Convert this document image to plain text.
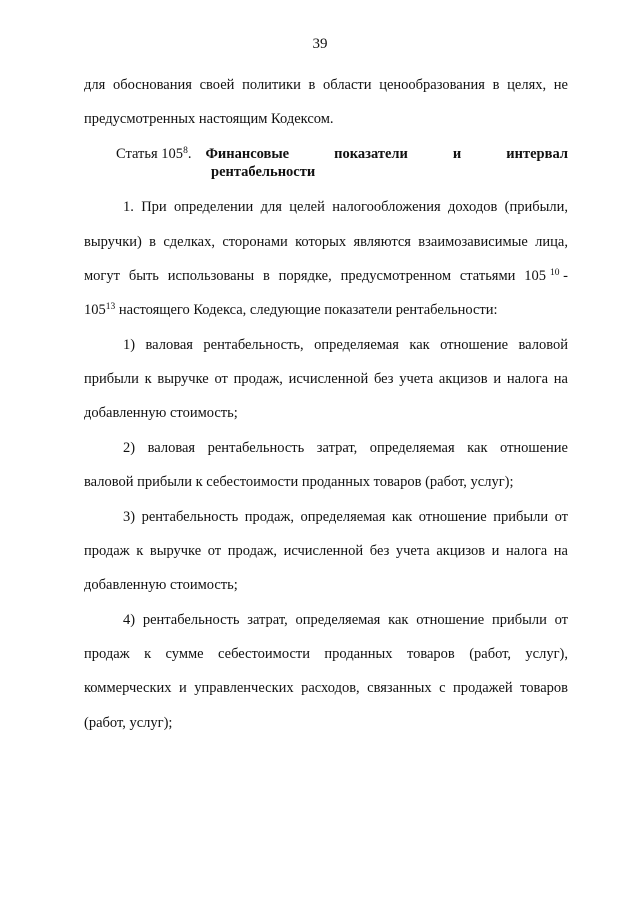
39
для обоснования своей политики в области ценообразования в целях, не
предусмотренных настоящим Кодексом.
Статья $105^8$. Финансовые	показатели	и	интервал
рентабельности
1. При определении для целей налогообложения доходов (прибыли,
выручки) в сделках, сторонами которых являются взаимозависимые лица,
могут быть использованы в порядке, предусмотренном статьями 105 $^{10}$ -
$105^{13}$ настоящего Кодекса, следующие показатели рентабельности:
1) валовая рентабельность, определяемая как отношение валовой
прибыли к выручке от продаж, исчисленной без учета акцизов и налога на
добавленную стоимость;
2) валовая рентабельность затрат, определяемая как отношение
валовой прибыли к себестоимости проданных товаров (работ, услуг);
3) рентабельность продаж, определяемая как отношение прибыли от
продаж к выручке от продаж, исчисленной без учета акцизов и налога на
добавленную стоимость;
4) рентабельность затрат, определяемая как отношение прибыли от
продаж к сумме себестоимости проданных товаров (работ, услуг),
коммерческих и управленческих расходов, связанных с продажей товаров
(работ, услуг);
